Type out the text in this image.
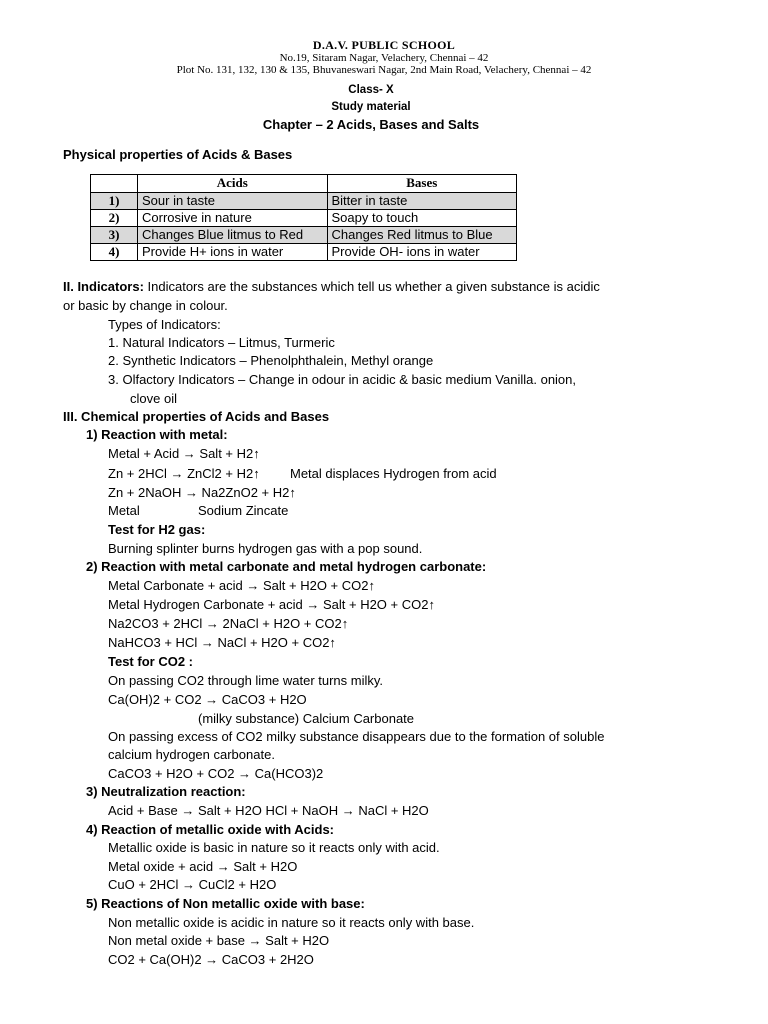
D.A.V. PUBLIC SCHOOL
No.19, Sitaram Nagar, Velachery, Chennai – 42
Plot No. 131, 132, 130 & 135, Bhuvaneswari Nagar, 2nd Main Road, Velachery, Chennai – 42
Class- X
Study material
Chapter – 2 Acids, Bases and Salts
Physical properties of Acids & Bases
	Acids	Bases
1)	Sour in taste	Bitter in taste
2)	Corrosive in nature	Soapy to touch
3)	Changes Blue litmus to Red	Changes Red litmus to Blue
4)	Provide H+ ions in water	Provide OH- ions in water
II. Indicators: Indicators are the substances which tell us whether a given substance is acidic
or basic by change in colour.
Types of Indicators:
1. Natural Indicators – Litmus, Turmeric
2. Synthetic Indicators – Phenolphthalein, Methyl orange
3. Olfactory Indicators – Change in odour in acidic & basic medium Vanilla. onion,
clove oil
III. Chemical properties of Acids and Bases
1) Reaction with metal:
Metal + Acid → Salt + H2↑
Zn + 2HCl → ZnCl2 + H2↑ Metal displaces Hydrogen from acid
Zn + 2NaOH → Na2ZnO2 + H2↑
Metal	Sodium Zincate
Test for H2 gas:
Burning splinter burns hydrogen gas with a pop sound.
2) Reaction with metal carbonate and metal hydrogen carbonate:
Metal Carbonate + acid → Salt + H2O + CO2↑
Metal Hydrogen Carbonate + acid → Salt + H2O + CO2↑
Na2CO3 + 2HCl → 2NaCl + H2O + CO2↑
NaHCO3 + HCl → NaCl + H2O + CO2↑
Test for CO2 :
On passing CO2 through lime water turns milky.
Ca(OH)2 + CO2 → CaCO3 + H2O
(milky substance) Calcium Carbonate
On passing excess of CO2 milky substance disappears due to the formation of soluble
calcium hydrogen carbonate.
CaCO3 + H2O + CO2 → Ca(HCO3)2
3) Neutralization reaction:
Acid + Base → Salt + H2O HCl + NaOH → NaCl + H2O
4) Reaction of metallic oxide with Acids:
Metallic oxide is basic in nature so it reacts only with acid.
Metal oxide + acid → Salt + H2O
CuO + 2HCl → CuCl2 + H2O
5) Reactions of Non metallic oxide with base:
Non metallic oxide is acidic in nature so it reacts only with base.
Non metal oxide + base → Salt + H2O
CO2 + Ca(OH)2 → CaCO3 + 2H2O
